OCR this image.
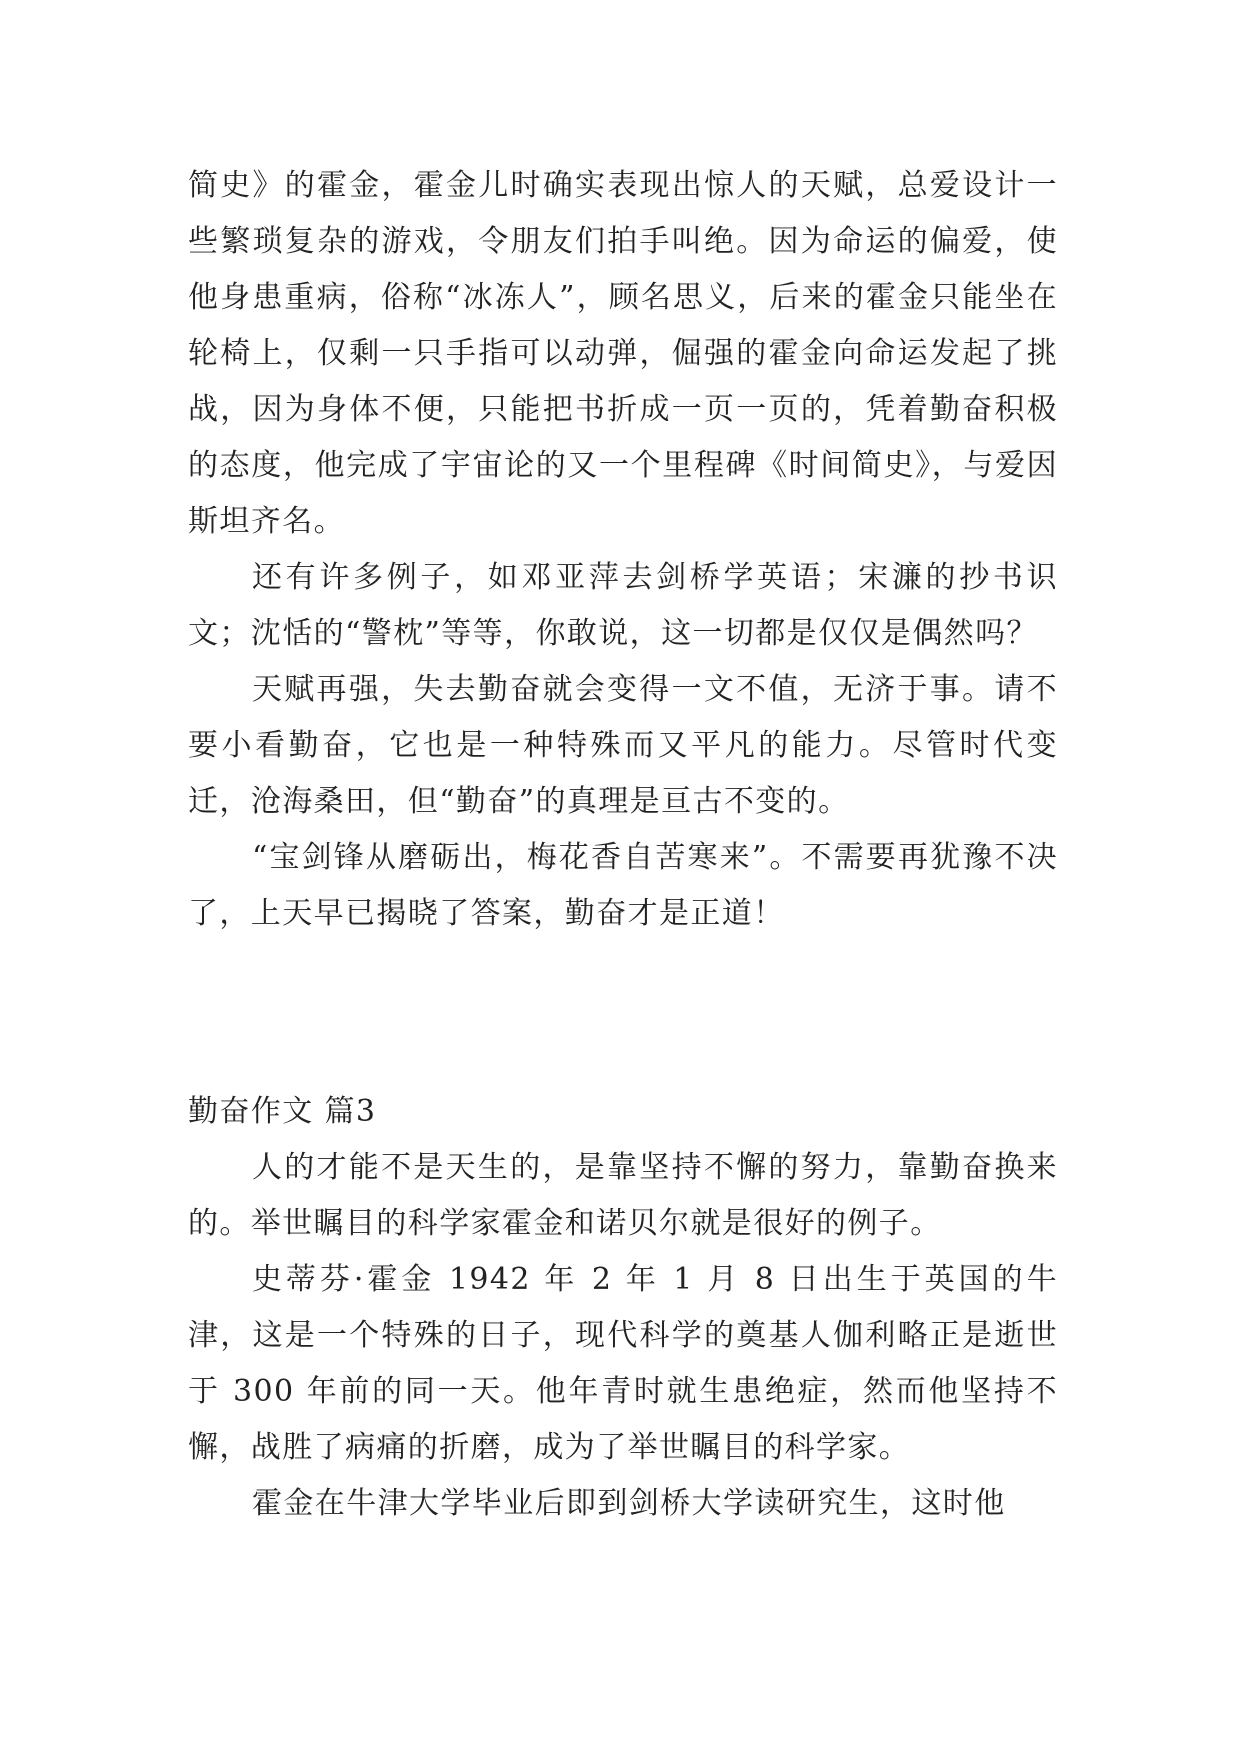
简史》的霍金，霍金儿时确实表现出惊人的天赋，总爱设计一些繁琐复杂的游戏，令朋友们拍手叫绝。因为命运的偏爱，使他身患重病，俗称“冰冻人”，顾名思义，后来的霍金只能坐在轮椅上，仅剩一只手指可以动弹，倔强的霍金向命运发起了挑战，因为身体不便，只能把书折成一页一页的，凭着勤奋积极的态度，他完成了宇宙论的又一个里程碑《时间简史》，与爱因斯坦齐名。

还有许多例子，如邓亚萍去剑桥学英语；宋濂的抄书识文；沈恬的“警枕”等等，你敢说，这一切都是仅仅是偶然吗？

天赋再强，失去勤奋就会变得一文不值，无济于事。请不要小看勤奋，它也是一种特殊而又平凡的能力。尽管时代变迁，沧海桑田，但“勤奋”的真理是亘古不变的。

“宝剑锋从磨砺出，梅花香自苦寒来”。不需要再犹豫不决了，上天早已揭晓了答案，勤奋才是正道！

勤奋作文 篇3

人的才能不是天生的，是靠坚持不懈的努力，靠勤奋换来的。举世瞩目的科学家霍金和诺贝尔就是很好的例子。

史蒂芬·霍金 1942 年 2 年 1 月 8 日出生于英国的牛津，这是一个特殊的日子，现代科学的奠基人伽利略正是逝世于 300 年前的同一天。他年青时就生患绝症，然而他坚持不懈，战胜了病痛的折磨，成为了举世瞩目的科学家。

霍金在牛津大学毕业后即到剑桥大学读研究生，这时他
